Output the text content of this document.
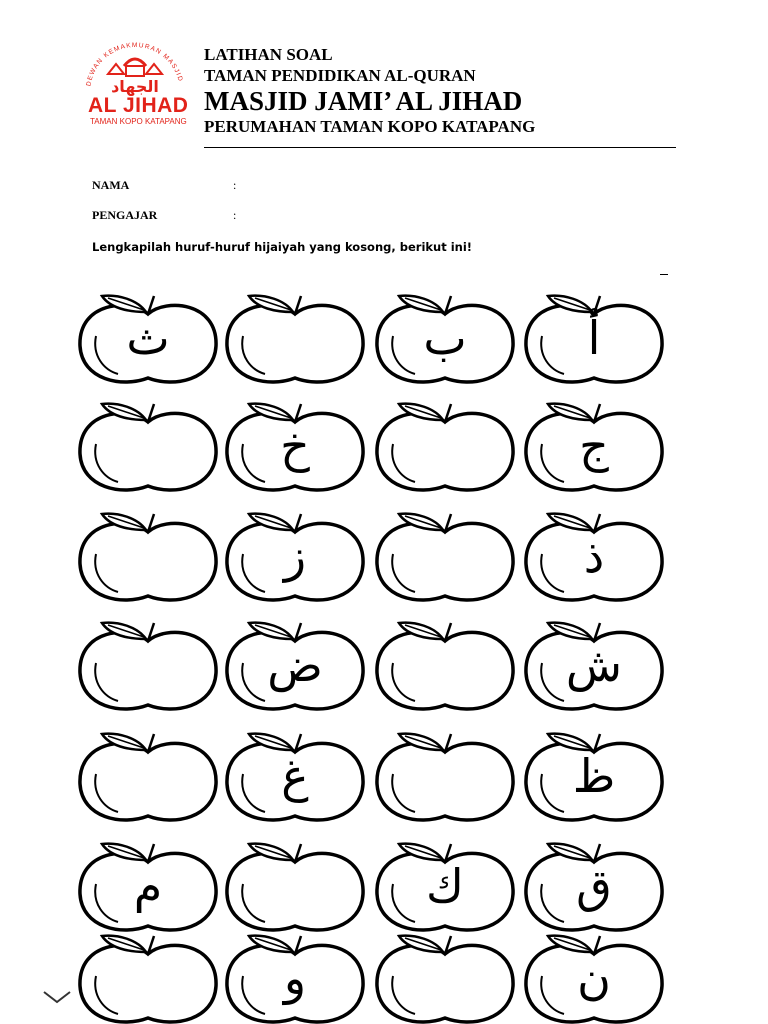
DEWAN KEMAKMURAN MASJID
الجهاد
AL JIHAD
TAMAN KOPO KATAPANG
LATIHAN SOAL
TAMAN PENDIDIKAN AL-QURAN
MASJID JAMI’ AL JIHAD
PERUMAHAN TAMAN KOPO KATAPANG
NAMA	:
PENGAJAR	:
Lengkapilah huruf-huruf hijaiyah yang kosong, berikut ini!
ث	ب	أ
خ	ج
ز	ذ
ض	ش
غ	ظ
م	ك ق
و	ن
